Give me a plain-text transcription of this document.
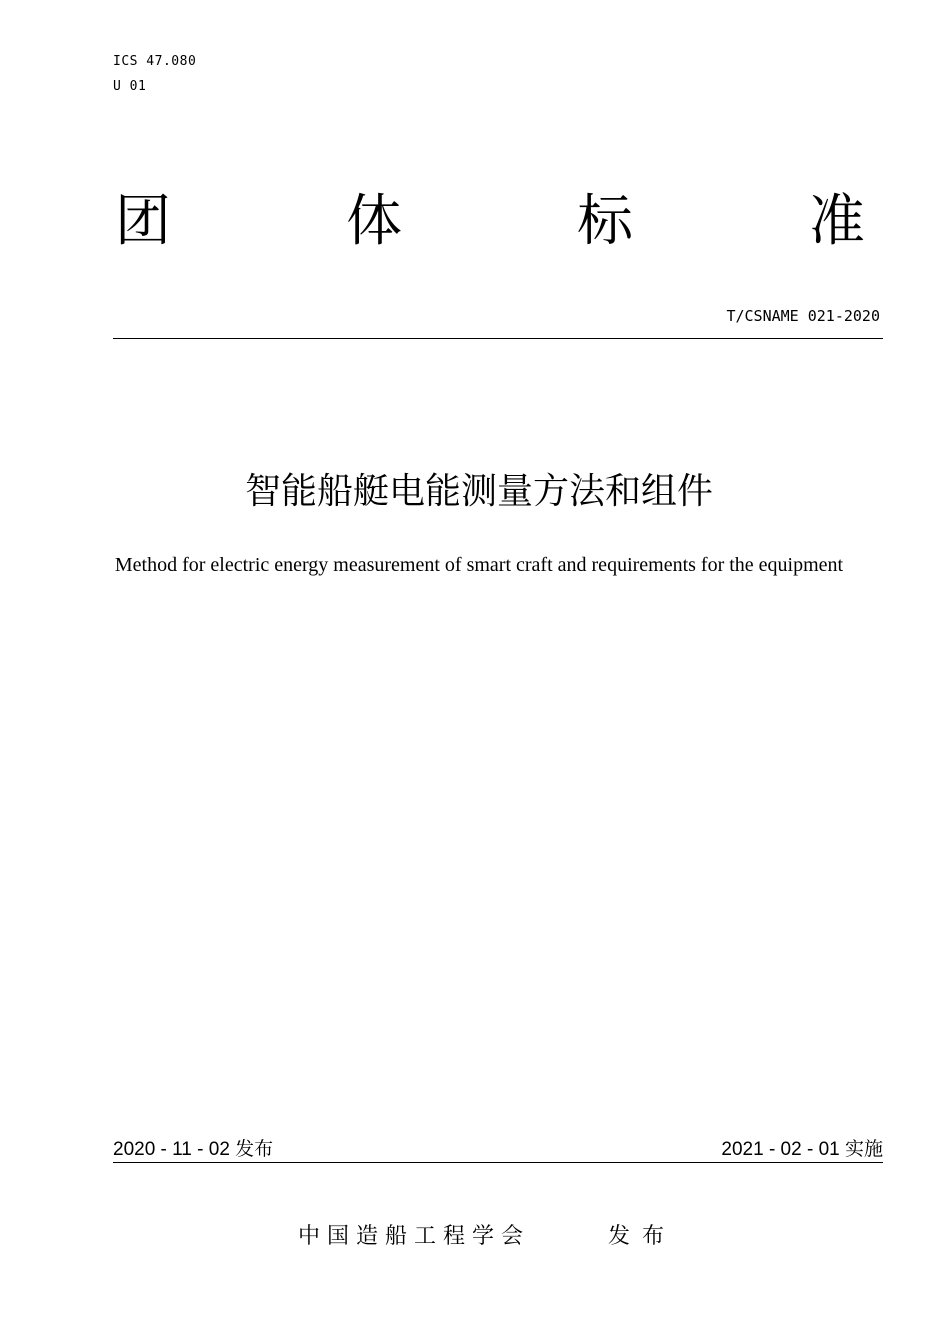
ICS 47.080
U 01
团	体	标	准
T/CSNAME 021-2020
智能船艇电能测量方法和组件
Method for electric energy measurement of smart craft and requirements for the equipment
2020 - 11 - 02 发布	2021 - 02 - 01 实施
中国造船工程学会	发布
